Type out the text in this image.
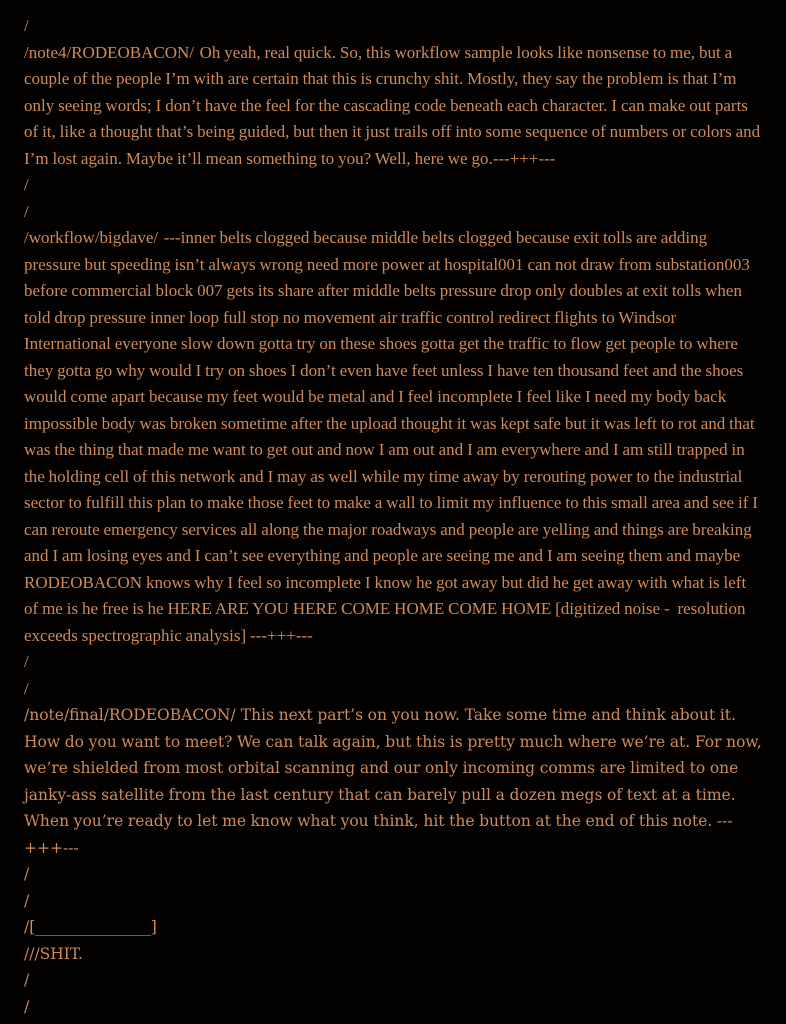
/

/note4/RODEOBACON/ Oh yeah, real quick. So, this workflow sample looks like nonsense to me, but a couple of the people I’m with are certain that this is crunchy shit. Mostly, they say the problem is that I’m only seeing words; I don’t have the feel for the cascading code beneath each character. I can make out parts of it, like a thought that’s being guided, but then it just trails off into some sequence of numbers or colors and I’m lost again. Maybe it’ll mean something to you? Well, here we go.---+++---

/

/

/workflow/bigdave/ ---inner belts clogged because middle belts clogged because exit tolls are adding pressure but speeding isn’t always wrong need more power at hospital001 can not draw from substation003 before commercial block 007 gets its share after middle belts pressure drop only doubles at exit tolls when told drop pressure inner loop full stop no movement air traffic control redirect flights to Windsor International everyone slow down gotta try on these shoes gotta get the traffic to flow get people to where they gotta go why would I try on shoes I don’t even have feet unless I have ten thousand feet and the shoes would come apart because my feet would be metal and I feel incomplete I feel like I need my body back impossible body was broken sometime after the upload thought it was kept safe but it was left to rot and that was the thing that made me want to get out and now I am out and I am everywhere and I am still trapped in the holding cell of this network and I may as well while my time away by rerouting power to the industrial sector to fulfill this plan to make those feet to make a wall to limit my influence to this small area and see if I can reroute emergency services all along the major roadways and people are yelling and things are breaking and I am losing eyes and I can’t see everything and people are seeing me and I am seeing them and maybe RODEOBACON knows why I feel so incomplete I know he got away but did he get away with what is left of me is he free is he HERE ARE YOU HERE COME HOME COME HOME [digitized noise -  resolution exceeds spectrographic analysis] ---+++---

/

/

/note/final/RODEOBACON/ This next part’s on you now. Take some time and think about it. How do you want to meet? We can talk again, but this is pretty much where we’re at. For now, we’re shielded from most orbital scanning and our only incoming comms are limited to one janky-ass satellite from the last century that can barely pull a dozen megs of text at a time. When you’re ready to let me know what you think, hit the button at the end of this note. ---+++---

/

/

/[________________]

///SHIT.

/

/
